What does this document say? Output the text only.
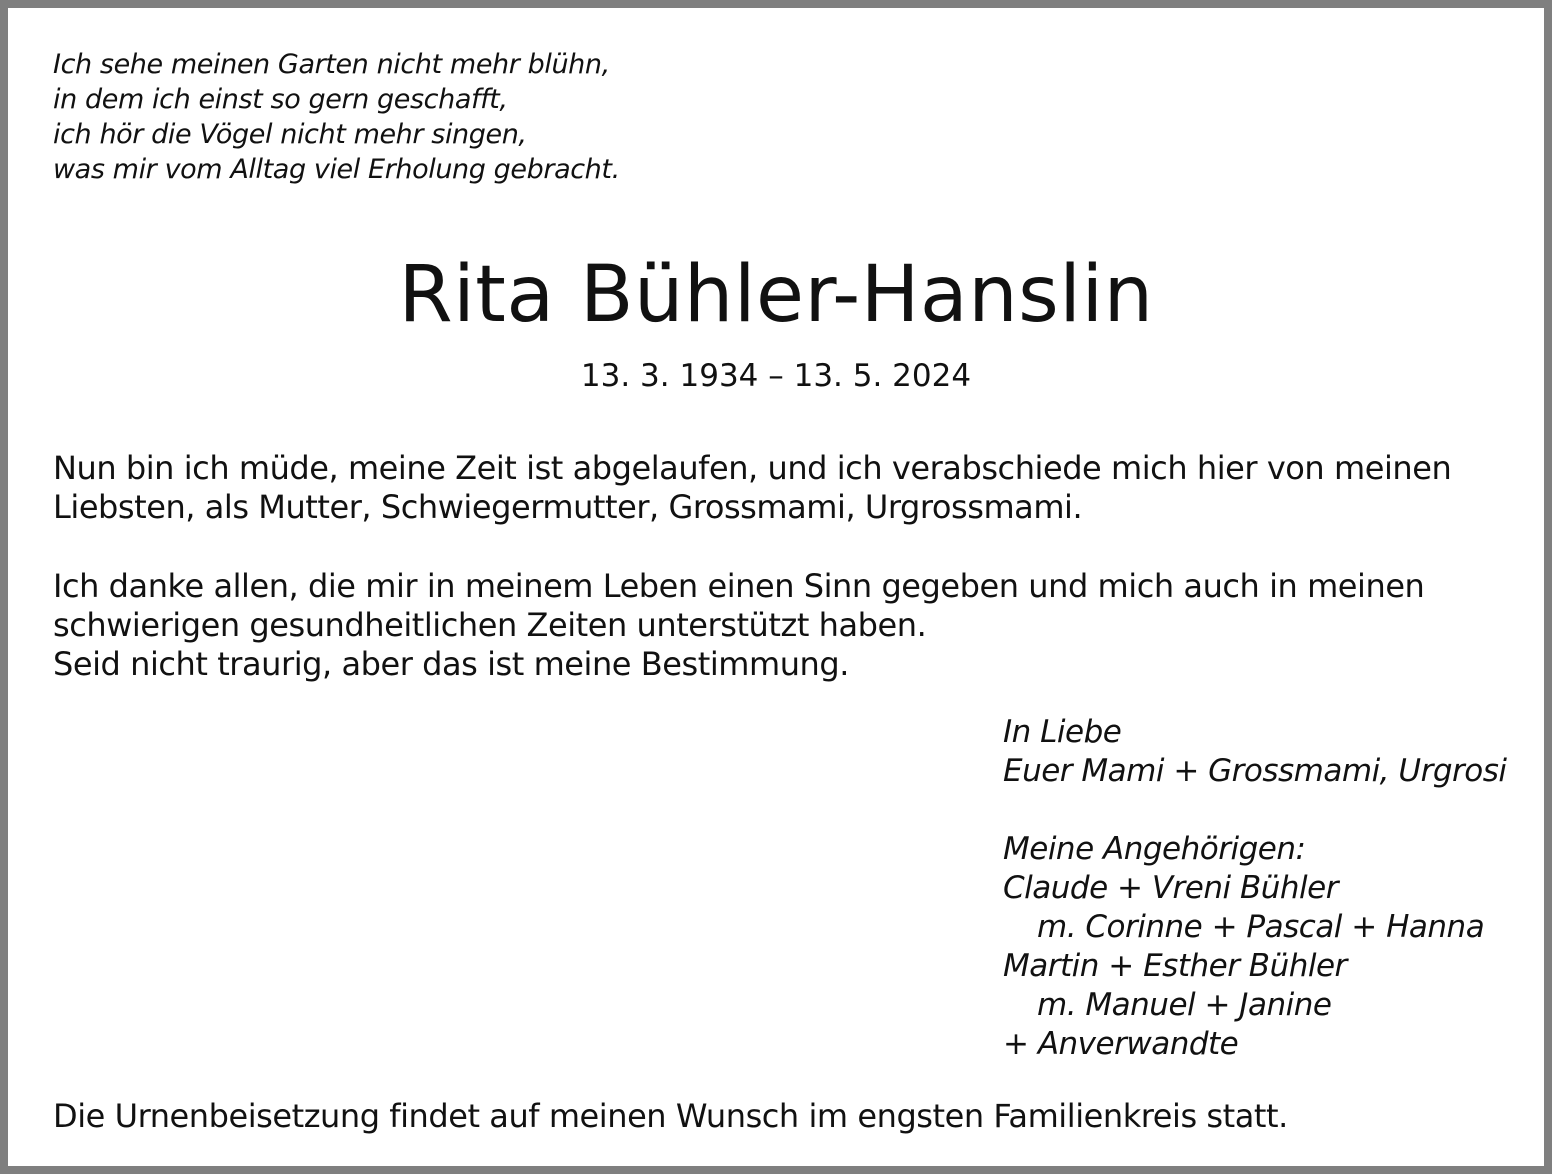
Ich sehe meinen Garten nicht mehr blühn,
in dem ich einst so gern geschafft,
ich hör die Vögel nicht mehr singen,
was mir vom Alltag viel Erholung gebracht.
Rita Bühler-Hanslin
13. 3. 1934 – 13. 5. 2024
Nun bin ich müde, meine Zeit ist abgelaufen, und ich verabschiede mich hier von meinen
Liebsten, als Mutter, Schwiegermutter, Grossmami, Urgrossmami.
Ich danke allen, die mir in meinem Leben einen Sinn gegeben und mich auch in meinen
schwierigen gesundheitlichen Zeiten unterstützt haben.
Seid nicht traurig, aber das ist meine Bestimmung.
In Liebe
Euer Mami + Grossmami, Urgrosi
Meine Angehörigen:
Claude + Vreni Bühler
m. Corinne + Pascal + Hanna
Martin + Esther Bühler
m. Manuel + Janine
+ Anverwandte
Die Urnenbeisetzung findet auf meinen Wunsch im engsten Familienkreis statt.
